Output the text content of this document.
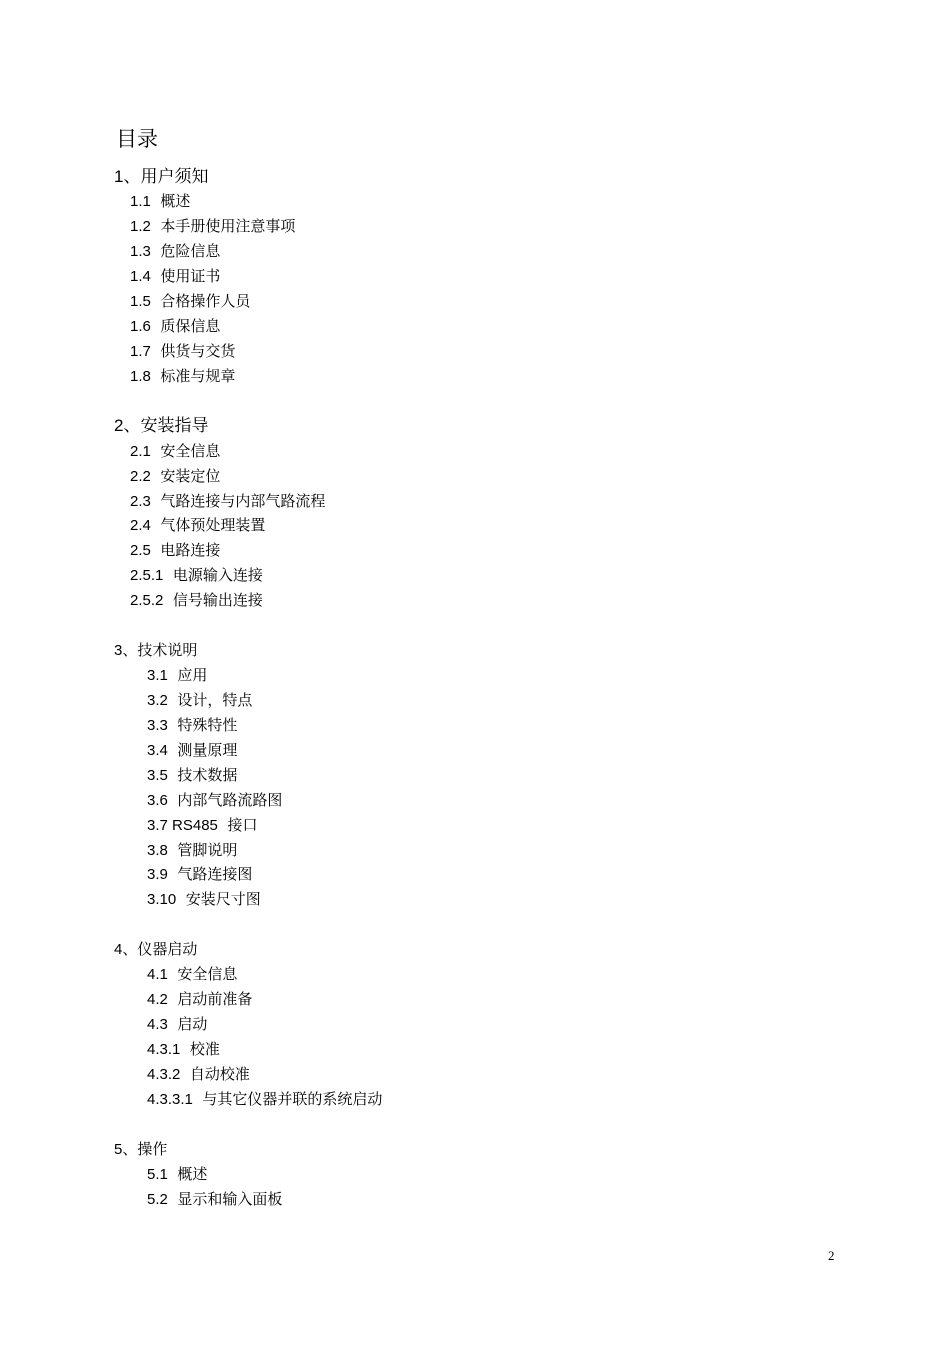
目录
1、用户须知
1.1 概述
1.2 本手册使用注意事项
1.3 危险信息
1.4 使用证书
1.5 合格操作人员
1.6 质保信息
1.7 供货与交货
1.8 标准与规章
2、安装指导
2.1 安全信息
2.2 安装定位
2.3 气路连接与内部气路流程
2.4 气体预处理装置
2.5 电路连接
2.5.1 电源输入连接
2.5.2 信号输出连接
3、技术说明
3.1 应用
3.2 设计，特点
3.3 特殊特性
3.4 测量原理
3.5 技术数据
3.6 内部气路流路图
3.7 RS485 接口
3.8 管脚说明
3.9 气路连接图
3.10 安装尺寸图
4、仪器启动
4.1 安全信息
4.2 启动前准备
4.3 启动
4.3.1 校准
4.3.2 自动校准
4.3.3.1 与其它仪器并联的系统启动
5、操作
5.1 概述
5.2 显示和输入面板
2
